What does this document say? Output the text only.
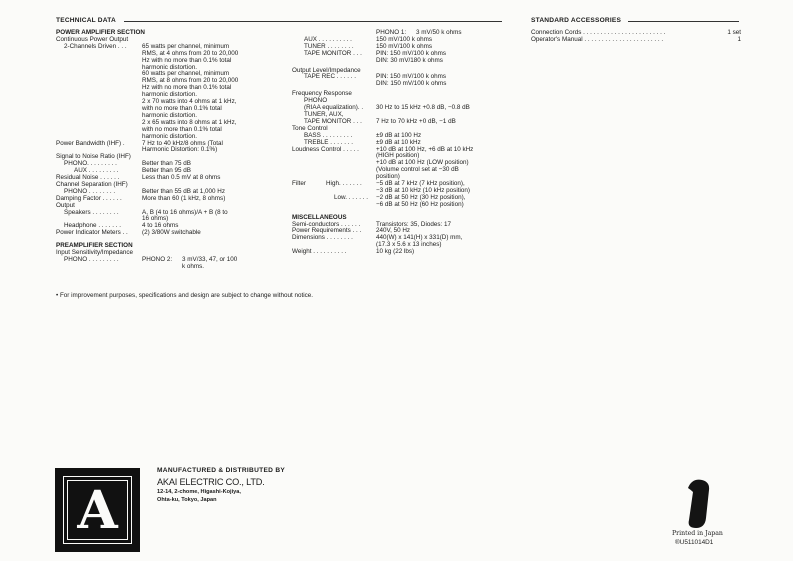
TECHNICAL DATA
POWER AMPLIFIER SECTION
Continuous Power Output
2-Channels Driven . . .	65 watts per channel, minimum
RMS, at 4 ohms from 20 to 20,000
Hz with no more than 0.1% total
harmonic distortion.
60 watts per channel, minimum
RMS, at 8 ohms from 20 to 20,000
Hz with no more than 0.1% total
harmonic distortion.
2 x 70 watts into 4 ohms at 1 kHz,
with no more than 0.1% total
harmonic distortion.
2 x 65 watts into 8 ohms at 1 kHz,
with no more than 0.1% total
harmonic distortion.
Power Bandwidth (IHF) .	7 Hz to 40 kHz/8 ohms (Total
Harmonic Distortion: 0.1%)
Signal to Noise Ratio (IHF)
PHONO. . . . . . . . .	Better than 75 dB
AUX . . . . . . . . .	Better than 95 dB
Residual Noise . . . . . .	Less than 0.5 mV at 8 ohms
Channel Separation (IHF)
PHONO . . . . . . . .	Better than 55 dB at 1,000 Hz
Damping Factor . . . . . .	More than 60 (1 kHz, 8 ohms)
Output
Speakers . . . . . . . .	A, B (4 to 16 ohms)/A + B (8 to
16 ohms)
Headphone . . . . . . .	4 to 16 ohms
Power Indicator Meters . .	(2) 3/80W switchable
PREAMPLIFIER SECTION
Input Sensitivity/Impedance
PHONO . . . . . . . . .	PHONO 2:	3 mV/33, 47, or 100
k ohms.
PHONO 1:	3 mV/50 k ohms
AUX . . . . . . . . . .	150 mV/100 k ohms
TUNER . . . . . . . .	150 mV/100 k ohms
TAPE MONITOR . . .	PIN: 150 mV/100 k ohms
DIN: 30 mV/180 k ohms
Output Level/Impedance
TAPE REC . . . . . .	PIN: 150 mV/100 k ohms
DIN: 150 mV/100 k ohms
Frequency Response
PHONO
(RIAA equalization). .	30 Hz to 15 kHz +0.8 dB, −0.8 dB
TUNER, AUX,
TAPE MONITOR . . .	7 Hz to 70 kHz +0 dB, −1 dB
Tone Control
BASS . . . . . . . . .	±9 dB at 100 Hz
TREBLE . . . . . . .	±9 dB at 10 kHz
Loudness Control . . . . .	+10 dB at 100 Hz, +6 dB at 10 kHz
(HIGH position)
+10 dB at 100 Hz (LOW position)
(Volume control set at −30 dB
position)
Filter	High. . . . . . .	−5 dB at 7 kHz (7 kHz position),
−3 dB at 10 kHz (10 kHz position)
Low. . . . . . .	−2 dB at 50 Hz (30 Hz position),
−6 dB at 50 Hz (60 Hz position)
MISCELLANEOUS
Semi-conductors . . . . . .	Transistors: 35, Diodes: 17
Power Requirements . . .	240V, 50 Hz
Dimensions . . . . . . . .	440(W) x 141(H) x 331(D) mm,
(17.3 x 5.6 x 13 inches)
Weight . . . . . . . . . .	10 kg (22 lbs)
• For improvement purposes, specifications and design are subject to change without notice.
STANDARD ACCESSORIES
Connection Cords . . . . . . . . . . . . . . . . . . . . . . . .	1 set
Operator's Manual . . . . . . . . . . . . . . . . . . . . . . .	1
A
MANUFACTURED & DISTRIBUTED BY
AKAI ELECTRIC CO., LTD.
12-14, 2-chome, Higashi-Kojiya,
Ohta-ku, Tokyo, Japan
Printed in Japan
®U511014D1
